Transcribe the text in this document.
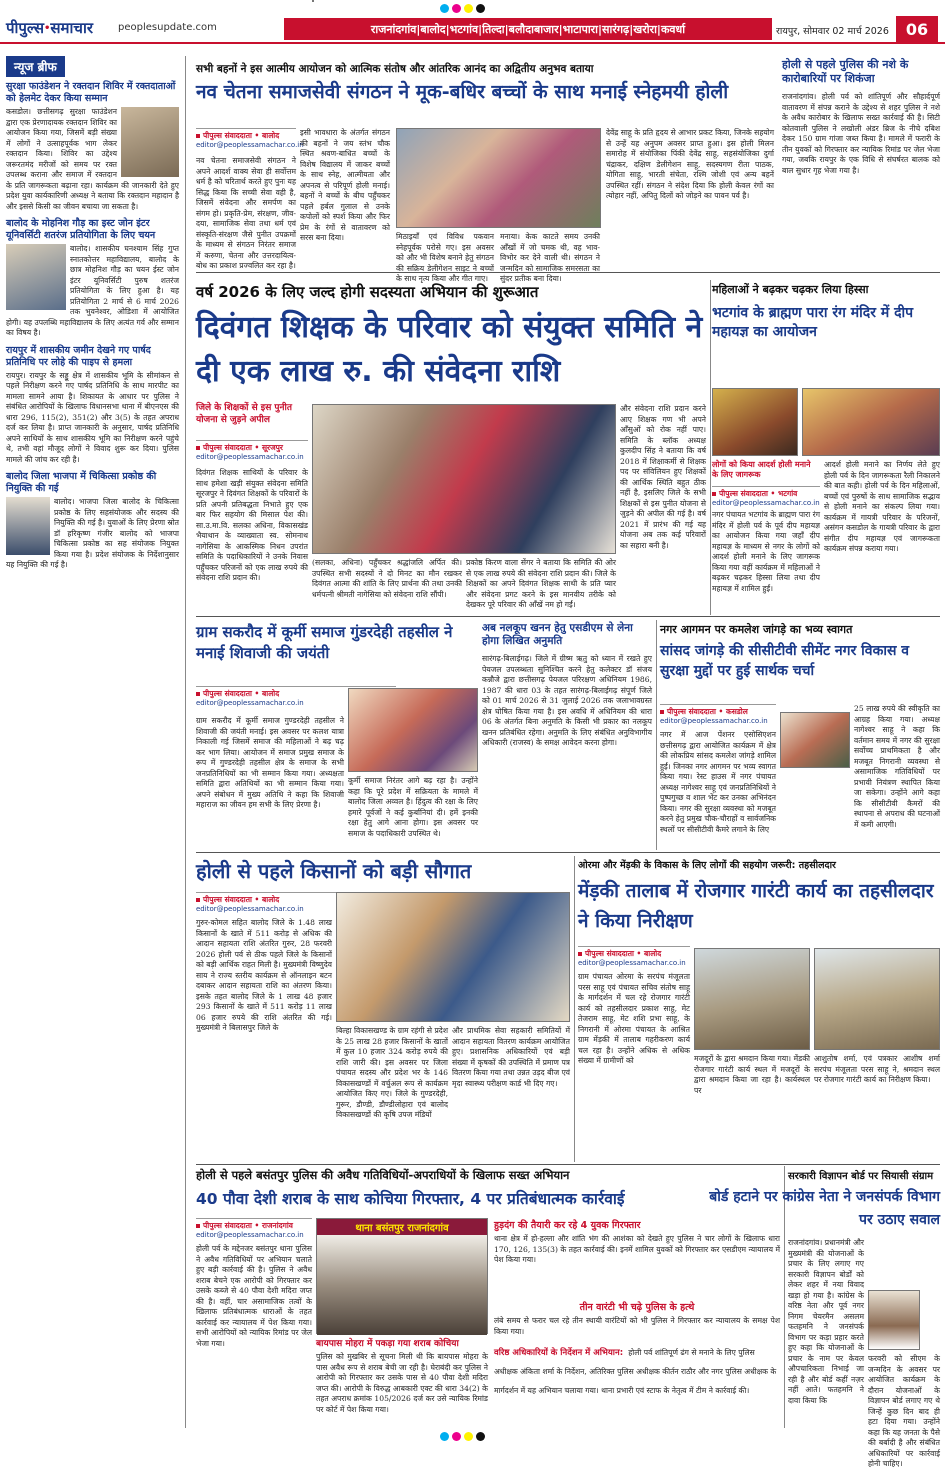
पीपुल्स•समाचार	peoplesupdate.com	राजनांदगांव|बालोद|भटगांव|तिल्दा|बलौदाबाजार|भाटापारा|सारंगढ़|खरोरा|कवर्धा	रायपुर, सोमवार 02 मार्च 2026	06
न्यूज ब्रीफ
सुरक्षा फाउंडेशन ने रक्तदान शिविर में रक्तदाताओं को हेलमेट देकर किया सम्मान

कसडोल। छत्तीसगढ़ सुरक्षा फाउंडेशन द्वारा एक प्रेरणादायक रक्तदान शिविर का आयोजन किया गया, जिसमें बड़ी संख्या में लोगों ने उत्साहपूर्वक भाग लेकर रक्तदान किया। शिविर का उद्देश्य जरूरतमंद मरीजों को समय पर रक्त उपलब्ध कराना और समाज में रक्तदान के प्रति जागरूकता बढ़ाना रहा। कार्यक्रम की जानकारी देते हुए प्रदेश युवा कार्यकारिणी अध्यक्ष ने बताया कि रक्तदान महादान है और इससे किसी का जीवन बचाया जा सकता है।

बालोद के मोहनिश गौड़ का इस्ट जोन इंटर यूनिवर्सिटी शतरंज प्रतियोगिता के लिए चयन

बालोद। शासकीय घनश्याम सिंह गुप्त स्नातकोत्तर महाविद्यालय, बालोद के छात्र मोहनिश गौड़ का चयन ईस्ट जोन इंटर यूनिवर्सिटी पुरुष शतरंज प्रतियोगिता के लिए हुआ है। यह प्रतियोगिता 2 मार्च से 6 मार्च 2026 तक भुवनेश्वर, ओडिशा में आयोजित होगी। यह उपलब्धि महाविद्यालय के लिए अत्यंत गर्व और सम्मान का विषय है।

रायपुर में शासकीय जमीन देखने गए पार्षद प्रतिनिधि पर लोहे की पाइप से हमला

रायपुर। रायपुर के सड्डू क्षेत्र में शासकीय भूमि के सीमांकन से पहले निरीक्षण करने गए पार्षद प्रतिनिधि के साथ मारपीट का मामला सामने आया है। शिकायत के आधार पर पुलिस ने संबंधित आरोपियों के खिलाफ विधानसभा थाना में बीएनएस की धारा 296, 115(2), 351(2) और 3(5) के तहत अपराध दर्ज कर लिया है। प्राप्त जानकारी के अनुसार, पार्षद प्रतिनिधि अपने साथियों के साथ शासकीय भूमि का निरीक्षण करने पहुंचे थे, तभी वहां मौजूद लोगों ने विवाद शुरू कर दिया। पुलिस मामले की जांच कर रही है।

बालोद जिला भाजपा में चिकित्सा प्रकोष्ठ की नियुक्ति की गई

बालोद। भाजपा जिला बालोद के चिकित्सा प्रकोष्ठ के लिए सहसंयोजक और सदस्य की नियुक्ति की गई है। युवाओं के लिए प्रेरणा स्रोत डॉ हरिकृष्ण गंजीर बालोद को भाजपा चिकित्सा प्रकोष्ठ का सह संयोजक नियुक्त किया गया है। प्रदेश संयोजक के निर्देशानुसार यह नियुक्ति की गई है।

सभी बहनों ने इस आत्मीय आयोजन को आत्मिक संतोष और आंतरिक आनंद का अद्वितीय अनुभव बताया
नव चेतना समाजसेवी संगठन ने मूक-बधिर बच्चों के साथ मनाई स्नेहमयी होली
पीपुल्स संवाददाता • बालोद
editor@peoplessamachar.co.in
नव चेतना समाजसेवी संगठन ने अपने आदर्श वाक्य सेवा ही सर्वोत्तम धर्म है को चरितार्थ करते हुए पुनः यह सिद्ध किया कि सच्ची सेवा वही है, जिसमें संवेदना और समर्पण का संगम हो। प्रकृति-प्रेम, संरक्षण, जीव-दया, सामाजिक सेवा तथा धर्म एवं संस्कृति-संरक्षण जैसे पुनीत उपक्रमों के माध्यम से संगठन निरंतर समाज में करुणा, चेतना और उत्तरदायित्व-बोध का प्रकाश प्रज्वलित कर रहा है।
इसी भावधारा के अंतर्गत संगठन की बहनों ने जय स्तंभ चौक स्थित श्रवण-बाधित बच्चों के विशेष विद्यालय में जाकर बच्चों के साथ स्नेह, आत्मीयता और अपनत्व से परिपूर्ण होली मनाई। बहनों ने बच्चों के बीच पहुँचकर पहले हर्बल गुलाल से उनके कपोलों को स्पर्श किया और फिर प्रेम के रंगों से वातावरण को सरस बना दिया।	मिठाइयाँ एवं विविध पकवान स्नेहपूर्वक परोसे गए। इस अवसर को और भी विशेष बनाने हेतु संगठन की सक्रिय डेलीगेशन साइट ने बच्चों के साथ नृत्य किया और गीत गाए।
मनाया। केक काटते समय उनकी आँखों में जो चमक थी, वह भाव-विभोर कर देने वाली थी। संगठन ने जन्मदिन को सामाजिक समरसता का सुंदर प्रतीक बना दिया।
देवेंद्र साहू के प्रति हृदय से आभार प्रकट किया, जिनके सहयोग से उन्हें यह अनुपम अवसर प्राप्त हुआ। इस होली मिलन समारोह में संयोजिका पिंकी देवेंद्र साहू, सहसंयोजिका दुर्गा चंद्राकर, दक्षिण डेलीगेशन साहू, सदस्यगण रीता पाठक, योगिता साहू, भारती संचेता, रश्मि जोशी एवं अन्य बहनें उपस्थित रहीं। संगठन ने संदेश दिया कि होली केवल रंगों का त्योहार नहीं, अपितु दिलों को जोड़ने का पावन पर्व है।
होली से पहले पुलिस की नशे के कारोबारियों पर शिकंजा
राजनांदगांव। होली पर्व को शांतिपूर्ण और सौहार्दपूर्ण वातावरण में संपन्न कराने के उद्देश्य से शहर पुलिस ने नशे के अवैध कारोबार के खिलाफ सख्त कार्रवाई की है। सिटी कोतवाली पुलिस ने लखोली अंडर ब्रिज के नीचे दबिश देकर 150 ग्राम गांजा जब्त किया है। मामले में फरारी के तीन युवकों को गिरफ्तार कर न्यायिक रिमांड पर जेल भेजा गया, जबकि रायपुर के एक विधि से संघर्षरत बालक को बाल सुधार गृह भेजा गया है।
वर्ष 2026 के लिए जल्द होगी सदस्यता अभियान की शुरूआत
दिवंगत शिक्षक के परिवार को संयुक्त समिति ने दी एक लाख रु. की संवेदना राशि
जिले के शिक्षकों से इस पुनीत योजना से जुड़ने अपील
पीपुल्स संवाददाता • सूरजपुर
editor@peoplessamachar.co.in
दिवंगत शिक्षक साथियों के परिवार के साथ हमेशा खड़ी संयुक्त संवेदना समिति सूरजपुर ने दिवंगत शिक्षकों के परिवारों के प्रति अपनी प्रतिबद्धता निभाते हुए एक बार फिर सहयोग की मिसाल पेश की। सा.उ.मा.वि. सलका अधिना, विकासखंड भैयाथान के व्याख्याता स्व. सोमनाथ नागेसिया के आकस्मिक निधन उपरांत समिति के पदाधिकारियों ने उनके निवास पहुँचकर परिजनों को एक लाख रुपये की संवेदना राशि प्रदान की।
(सलका, अधिना) पहुँचकर श्रद्धांजलि अर्पित की। उपस्थित सभी सदस्यों ने दो मिनट का मौन रखकर दिवंगत आत्मा की शांति के लिए प्रार्थना की तथा उनकी धर्मपत्नी श्रीमती नागेसिया को संवेदना राशि सौंपी।
प्रकोष्ठ किरण वाला सेंगर ने बताया कि समिति की ओर से एक लाख रुपये की संवेदना राशि प्रदान की। जिले के शिक्षकों का अपने दिवंगत शिक्षक साथी के प्रति प्यार और संवेदना प्रगट करने के इस मानवीय तरीके को देखकर पूरे परिवार की आँखें नम हो गईं।
और संवेदना राशि प्रदान करने आए शिक्षक गण भी अपने आँसुओं को रोक नहीं पाए। समिति के ब्लॉक अध्यक्ष कुलदीप सिंह ने बताया कि वर्ष 2018 में शिक्षाकर्मी से शिक्षक पद पर संविलियन हुए शिक्षकों की आर्थिक स्थिति बहुत ठीक नहीं है, इसलिए जिले के सभी शिक्षकों से इस पुनीत योजना से जुड़ने की अपील की गई है। वर्ष 2021 में प्रारंभ की गई यह योजना अब तक कई परिवारों का सहारा बनी है।
महिलाओं ने बढ़कर चढ़कर लिया हिस्सा
भटगांव के ब्राह्मण पारा रंग मंदिर में दीप महायज्ञ का आयोजन
लोगों को किया आदर्श होली मनाने के लिए जागरूक
पीपुल्स संवाददाता • भटगांव
editor@peoplessamachar.co.in
नगर पंचायत भटगांव के ब्राह्मण पारा रंग मंदिर में होली पर्व के पूर्व दीप महायज्ञ का आयोजन किया गया जहाँ दीप महायज्ञ के माध्यम से नगर के लोगों को आदर्श होली मनाने के लिए जागरूक किया गया वहीं कार्यक्रम में महिलाओं ने बढ़कर चढ़कर हिस्सा लिया तथा दीप महायज्ञ में शामिल हुईं।
आदर्श होली मनाने का निर्णय लेते हुए होली पर्व के दिन जागरूकता रैली निकालने की बात कही। होली पर्व के दिन महिलाओं, बच्चों एवं पुरुषों के साथ सामाजिक सद्भाव से होली मनाने का संकल्प लिया गया। कार्यक्रम में गायत्री परिवार के परिजनों, असंगन कसडोल के गायत्री परिवार के द्वारा संगीत दीप महायज्ञ एवं जागरूकता कार्यक्रम संपन्न कराया गया।
ग्राम सकरौद में कूर्मी समाज गुंडरदेही तहसील ने मनाई शिवाजी की जयंती
पीपुल्स संवाददाता • बालोद
editor@peoplessamachar.co.in
ग्राम सकरौद में कूर्मी समाज गुण्डरदेही तहसील ने शिवाजी की जयंती मनाई। इस अवसर पर कलश यात्रा निकाली गई जिसमें समाज की महिलाओं ने बढ़ चढ़ कर भाग लिया। आयोजन में समाज प्रमुख समाज के रूप में गुण्डरदेही तहसील क्षेत्र के समाज के सभी जनप्रतिनिधियों का भी सम्मान किया गया। अध्यक्षता समिति द्वारा अतिथियों का भी सम्मान किया गया। अपने संबोधन में मुख्य अतिथि ने कहा कि शिवाजी महाराज का जीवन हम सभी के लिए प्रेरणा है।
कूर्मी समाज निरंतर आगे बढ़ रहा है। उन्होंने कहा कि पूरे प्रदेश में सक्रियता के मामले में बालोद जिला अव्वल है। हिंदुत्व की रक्षा के लिए हमारे पूर्वजों ने कई कुर्बानियां दी। हमें इनकी रक्षा हेतु आगे आना होगा। इस अवसर पर समाज के पदाधिकारी उपस्थित थे।
अब नलकूप खनन हेतु एसडीएम से लेना होगा लिखित अनुमति
सारंगढ़-बिलाईगढ़। जिले में ग्रीष्म ऋतु को ध्यान में रखते हुए पेयजल उपलब्धता सुनिश्चित करने हेतु कलेक्टर डॉ संजय कन्नौजे द्वारा छत्तीसगढ़ पेयजल परिरक्षण अधिनियम 1986, 1987 की धारा 03 के तहत सारंगढ़-बिलाईगढ़ संपूर्ण जिले को 01 मार्च 2026 से 31 जुलाई 2026 तक जलाभावग्रस्त क्षेत्र घोषित किया गया है। इस अवधि में अधिनियम की धारा 06 के अंतर्गत बिना अनुमति के किसी भी प्रकार का नलकूप खनन प्रतिबंधित रहेगा। अनुमति के लिए संबंधित अनुविभागीय अधिकारी (राजस्व) के समक्ष आवेदन करना होगा।
नगर आगमन पर कमलेश जांगड़े का भव्य स्वागत
सांसद जांगड़े की सीसीटीवी सीमेंट नगर विकास व सुरक्षा मुद्दों पर हुई सार्थक चर्चा
पीपुल्स संवाददाता • कसडोल
editor@peoplessamachar.co.in
नगर में आज पेंशनर एसोसिएशन छत्तीसगढ़ द्वारा आयोजित कार्यक्रम में क्षेत्र की लोकप्रिय सांसद कमलेश जांगड़े शामिल हुईं। जिनका नगर आगमन पर भव्य स्वागत किया गया। रेस्ट हाउस में नगर पंचायत अध्यक्ष नागेश्वर साहू एवं जनप्रतिनिधियों ने पुष्पगुच्छ व शाल भेंट कर उनका अभिनंदन किया। नगर की सुरक्षा व्यवस्था को मजबूत करने हेतु प्रमुख चौक-चौराहों व सार्वजनिक स्थलों पर सीसीटीवी कैमरे लगाने के लिए
25 लाख रुपये की स्वीकृति का आग्रह किया गया। अध्यक्ष नागेश्वर साहू ने कहा कि वर्तमान समय में नगर की सुरक्षा सर्वोच्च प्राथमिकता है और मजबूत निगरानी व्यवस्था से असामाजिक गतिविधियों पर प्रभावी नियंत्रण स्थापित किया जा सकेगा। उन्होंने आगे कहा कि सीसीटीवी कैमरों की स्थापना से अपराध की घटनाओं में कमी आएगी।
होली से पहले किसानों को बड़ी सौगात
पीपुल्स संवाददाता • बालोद
editor@peoplessamachar.co.in
गुरुर-कोमल सहित बालोद जिले के 1.48 लाख किसानों के खाते में 511 करोड़ से अधिक की आदान सहायता राशि अंतरित गुरुर, 28 फरवरी 2026 होली पर्व से ठीक पहले जिले के किसानों को बड़ी आर्थिक राहत मिली है। मुख्यमंत्री विष्णुदेव साय ने राज्य स्तरीय कार्यक्रम से ऑनलाइन बटन दबाकर आदान सहायता राशि का अंतरण किया। इसके तहत बालोद जिले के 1 लाख 48 हजार 293 किसानों के खाते में 511 करोड़ 11 लाख 06 हजार रुपये की राशि अंतरित की गई। मुख्यमंत्री ने बिलासपुर जिले के	बिल्हा विकासखण्ड के ग्राम रहंगी से प्रदेश के 25 लाख 28 हजार किसानों के खातों में कुल 10 हजार 324 करोड़ रुपये की राशि जारी की। इस अवसर पर जिला पंचायत सदस्य और प्रदेश भर के 146 विकासखण्डों में वर्चुअल रूप से कार्यक्रम आयोजित किए गए। जिले के गुण्डरदेही, गुरूर, डौण्डी, डौण्डीलोहारा एवं बालोद विकासखण्डों की कृषि उपज मंडियों
और प्राथमिक सेवा सहकारी समितियों में आदान सहायता वितरण कार्यक्रम आयोजित हुए। प्रशासनिक अधिकारियों एवं बड़ी संख्या में कृषकों की उपस्थिति में प्रमाण पत्र वितरण किया गया तथा उन्नत उड़द बीज एवं मृदा स्वास्थ्य परीक्षण कार्ड भी दिए गए।
ओरमा और मेंड़की के विकास के लिए लोगों की सहयोग जरूरी: तहसीलदार
मेंड़की तालाब में रोजगार गारंटी कार्य का तहसीलदार ने किया निरीक्षण
पीपुल्स संवाददाता • बालोद
editor@peoplessamachar.co.in
ग्राम पंचायत ओरमा के सरपंच मंजूलता परस साहू एवं पंचायत सचिव संतोष साहू के मार्गदर्शन में चल रहे रोजगार गारंटी कार्य को तहसीलदार प्रकाश साहू, मेट तेजराम साहू, मेट शशि प्रभा साहू, के निगरानी में ओरमा पंचायत के आश्रित ग्राम मेंड़की में तालाब गहरीकरण कार्य चल रहा है। उन्होंने अधिक से अधिक संख्या में ग्रामीणों को	मजदूरों के द्वारा श्रमदान किया गया। मेंडकी रोजगार गारंटी कार्य स्थल में मजदूरों के द्वारा श्रमदान किया जा रहा है। कार्यस्थल पर
आशुतोष शर्मा, एवं पत्रकार आशीष शर्मा सरपंच मंजूलता परस साहू ने, श्रमदान स्थल पर रोजगार गारंटी कार्य का निरीक्षण किया।
होली से पहले बसंतपुर पुलिस की अवैध गतिविधियों-अपराधियों के खिलाफ सख्त अभियान
40 पौवा देशी शराब के साथ कोचिया गिरफ्तार, 4 पर प्रतिबंधात्मक कार्रवाई
पीपुल्स संवाददाता • राजनांदगांव
editor@peoplessamachar.co.in
होली पर्व के मद्देनजर बसंतपुर थाना पुलिस ने अवैध गतिविधियों पर अभियान चलाते हुए बड़ी कार्रवाई की है। पुलिस ने अवैध शराब बेचने एक आरोपी को गिरफ्तार कर उसके कब्जे से 40 पौवा देशी मदिरा जप्त की है। वहीं, चार असामाजिक तत्वों के खिलाफ प्रतिबंधात्मक धाराओं के तहत कार्रवाई कर न्यायालय में पेश किया गया। सभी आरोपियों को न्यायिक रिमांड पर जेल भेजा गया।
थाना बसंतपुर राजनांदगांव
बायपास मोहरा में पकड़ा गया शराब कोचिया
पुलिस को मुखबिर से सूचना मिली थी कि बायपास मोहरा के पास अवैध रूप से शराब बेची जा रही है। घेराबंदी कर पुलिस ने आरोपी को गिरफ्तार कर उसके पास से 40 पौवा देशी मदिरा जप्त की। आरोपी के विरुद्ध आबकारी एक्ट की धारा 34(2) के तहत अपराध क्रमांक 105/2026 दर्ज कर उसे न्यायिक रिमांड पर कोर्ट में पेश किया गया।
हुड़दंग की तैयारी कर रहे 4 युवक गिरफ्तार
थाना क्षेत्र में हो-हल्ला और शांति भंग की आशंका को देखते हुए पुलिस ने चार लोगों के खिलाफ धारा 170, 126, 135(3) के तहत कार्रवाई की। इनमें शामिल युवकों को गिरफ्तार कर एसडीएम न्यायालय में पेश किया गया।
तीन वारंटी भी चढ़े पुलिस के हत्थे
लंबे समय से फरार चल रहे तीन स्थायी वारंटियों को भी पुलिस ने गिरफ्तार कर न्यायालय के समक्ष पेश किया गया।
वरिष्ठ अधिकारियों के निर्देशन में अभियान: होली पर्व शांतिपूर्ण ढंग से मनाने के लिए पुलिस अधीक्षक अंकिता शर्मा के निर्देशन, अतिरिक्त पुलिस अधीक्षक कीर्तन राठौर और नगर पुलिस अधीक्षक के मार्गदर्शन में यह अभियान चलाया गया। थाना प्रभारी एवं स्टाफ के नेतृत्व में टीम ने कार्रवाई की।
सरकारी विज्ञापन बोर्ड पर सियासी संग्राम
बोर्ड हटाने पर कांग्रेस नेता ने जनसंपर्क विभाग पर उठाए सवाल
राजनांदगांव। प्रधानमंत्री और मुख्यमंत्री की योजनाओं के प्रचार के लिए लगाए गए सरकारी विज्ञापन बोर्डों को लेकर शहर में नया विवाद खड़ा हो गया है। कांग्रेस के वरिष्ठ नेता और पूर्व नगर निगम चेयरमैन असलम फतहमनि ने जनसंपर्क विभाग पर कड़ा प्रहार करते हुए कहा कि योजनाओं के प्रचार के नाम पर केवल औपचारिकता निभाई जा रही है और बोर्ड कहीं नज़र नहीं आते। फतहमनि ने दावा किया कि
फरवरी को सीएम के जन्मदिन के अवसर पर आयोजित कार्यक्रम के दौरान योजनाओं के विज्ञापन बोर्ड लगाए गए थे जिन्हें कुछ दिन बाद ही हटा दिया गया। उन्होंने कहा कि यह जनता के पैसे की बर्बादी है और संबंधित अधिकारियों पर कार्रवाई होनी चाहिए।
